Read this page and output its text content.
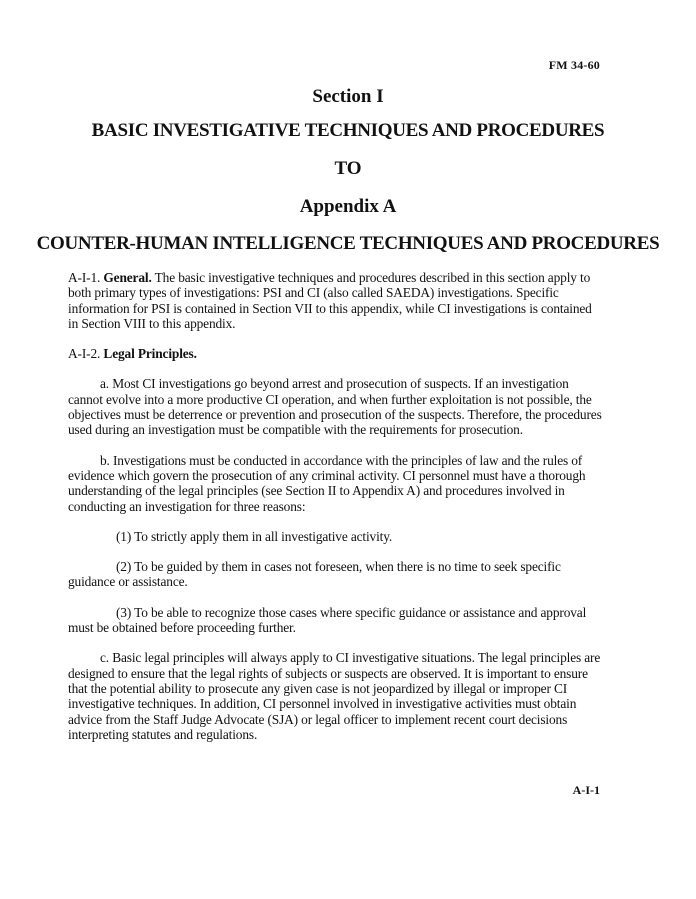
FM 34-60
Section I
BASIC INVESTIGATIVE TECHNIQUES AND PROCEDURES
TO
Appendix A
COUNTER-HUMAN INTELLIGENCE TECHNIQUES AND PROCEDURES

A-I-1. General. The basic investigative techniques and procedures described in this section apply to both primary types of investigations: PSI and CI (also called SAEDA) investigations. Specific information for PSI is contained in Section VII to this appendix, while CI investigations is contained in Section VIII to this appendix.

A-I-2. Legal Principles.

a. Most CI investigations go beyond arrest and prosecution of suspects. If an investigation cannot evolve into a more productive CI operation, and when further exploitation is not possible, the objectives must be deterrence or prevention and prosecution of the suspects. Therefore, the procedures used during an investigation must be compatible with the requirements for prosecution.

b. Investigations must be conducted in accordance with the principles of law and the rules of evidence which govern the prosecution of any criminal activity. CI personnel must have a thorough understanding of the legal principles (see Section II to Appendix A) and procedures involved in conducting an investigation for three reasons:

(1) To strictly apply them in all investigative activity.

(2) To be guided by them in cases not foreseen, when there is no time to seek specific guidance or assistance.

(3) To be able to recognize those cases where specific guidance or assistance and approval must be obtained before proceeding further.

c. Basic legal principles will always apply to CI investigative situations. The legal principles are designed to ensure that the legal rights of subjects or suspects are observed. It is important to ensure that the potential ability to prosecute any given case is not jeopardized by illegal or improper CI investigative techniques. In addition, CI personnel involved in investigative activities must obtain advice from the Staff Judge Advocate (SJA) or legal officer to implement recent court decisions interpreting statutes and regulations.

A-I-1
